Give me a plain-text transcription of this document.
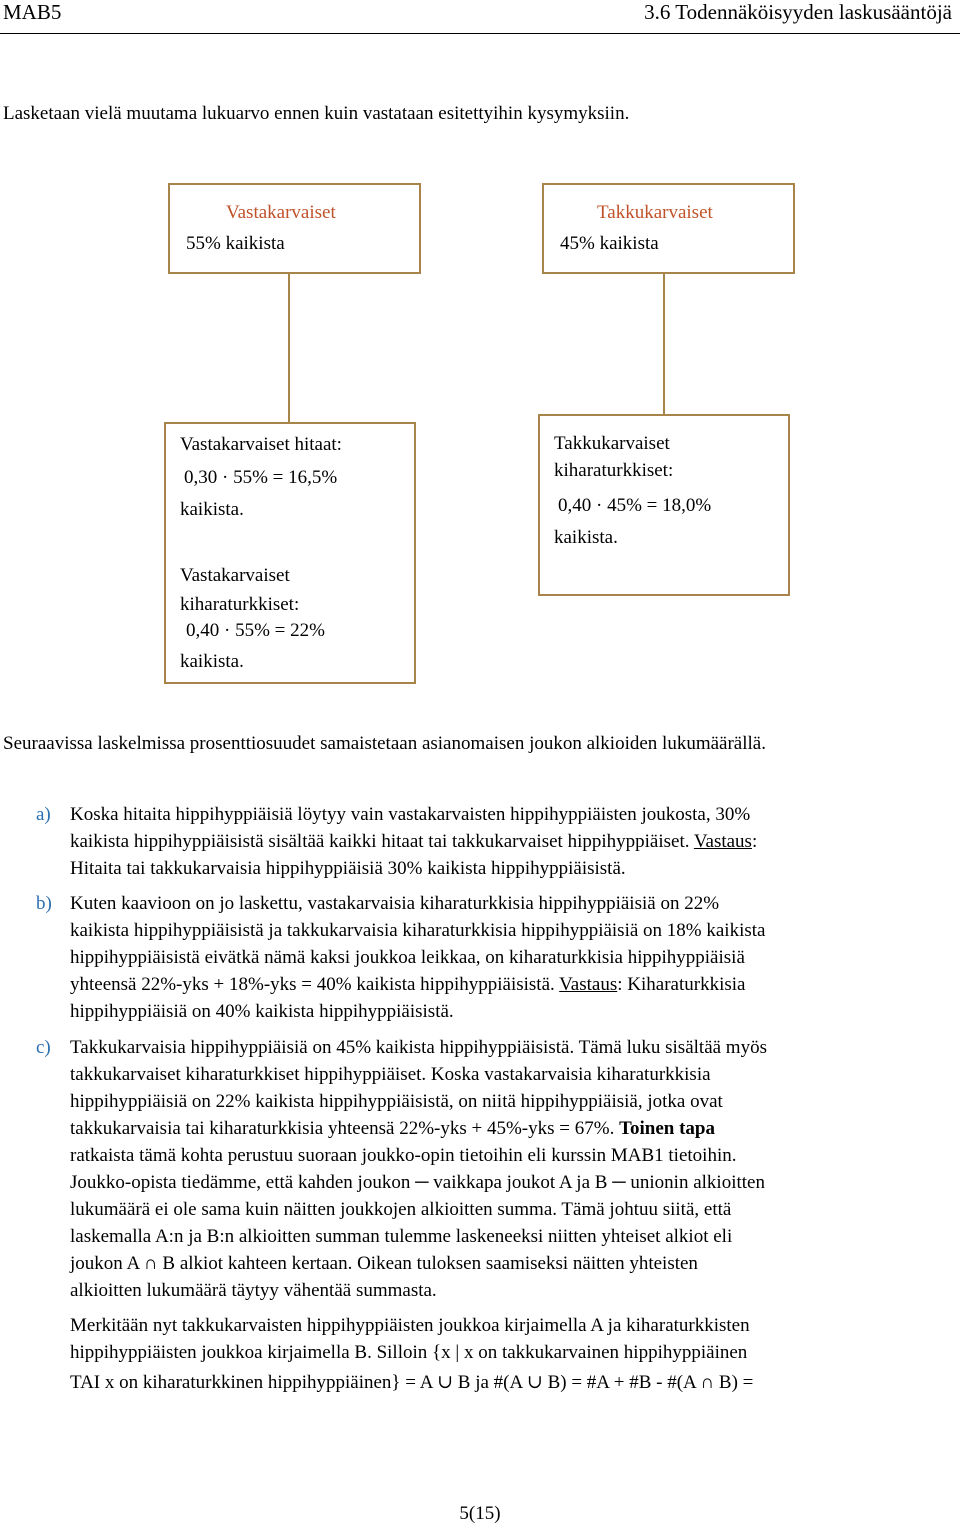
MAB5	3.6 Todennäköisyyden laskusääntöjä
Lasketaan vielä muutama lukuarvo ennen kuin vastataan esitettyihin kysymyksiin.
Vastakarvaiset
55% kaikista
Takkukarvaiset
45% kaikista
Vastakarvaiset hitaat:
0,30 · 55% = 16,5%
kaikista.
Vastakarvaiset
kiharaturkkiset:
0,40 · 55% = 22%
kaikista.
Takkukarvaiset
kiharaturkkiset:
0,40 · 45% = 18,0%
kaikista.
Seuraavissa laskelmissa prosenttiosuudet samaistetaan asianomaisen joukon alkioiden lukumäärällä.
a) Koska hitaita hippihyppiäisiä löytyy vain vastakarvaisten hippihyppiäisten joukosta, 30%
kaikista hippihyppiäisistä sisältää kaikki hitaat tai takkukarvaiset hippihyppiäiset. Vastaus:
Hitaita tai takkukarvaisia hippihyppiäisiä 30% kaikista hippihyppiäisistä.
b) Kuten kaavioon on jo laskettu, vastakarvaisia kiharaturkkisia hippihyppiäisiä on 22%
kaikista hippihyppiäisistä ja takkukarvaisia kiharaturkkisia hippihyppiäisiä on 18% kaikista
hippihyppiäisistä eivätkä nämä kaksi joukkoa leikkaa, on kiharaturkkisia hippihyppiäisiä
yhteensä 22%-yks + 18%-yks = 40% kaikista hippihyppiäisistä. Vastaus: Kiharaturkkisia
hippihyppiäisiä on 40% kaikista hippihyppiäisistä.
c) Takkukarvaisia hippihyppiäisiä on 45% kaikista hippihyppiäisistä. Tämä luku sisältää myös
takkukarvaiset kiharaturkkiset hippihyppiäiset. Koska vastakarvaisia kiharaturkkisia
hippihyppiäisiä on 22% kaikista hippihyppiäisistä, on niitä hippihyppiäisiä, jotka ovat
takkukarvaisia tai kiharaturkkisia yhteensä 22%-yks + 45%-yks = 67%. Toinen tapa
ratkaista tämä kohta perustuu suoraan joukko-opin tietoihin eli kurssin MAB1 tietoihin.
Joukko-opista tiedämme, että kahden joukon ─ vaikkapa joukot A ja B ─ unionin alkioitten
lukumäärä ei ole sama kuin näitten joukkojen alkioitten summa. Tämä johtuu siitä, että
laskemalla A:n ja B:n alkioitten summan tulemme laskeneeksi niitten yhteiset alkiot eli
joukon A ∩ B alkiot kahteen kertaan. Oikean tuloksen saamiseksi näitten yhteisten
alkioitten lukumäärä täytyy vähentää summasta.
Merkitään nyt takkukarvaisten hippihyppiäisten joukkoa kirjaimella A ja kiharaturkkisten
hippihyppiäisten joukkoa kirjaimella B. Silloin {x | x on takkukarvainen hippihyppiäinen
TAI x on kiharaturkkinen hippihyppiäinen} = A ∪ B ja #(A ∪ B) = #A + #B - #(A ∩ B) =
5(15)
